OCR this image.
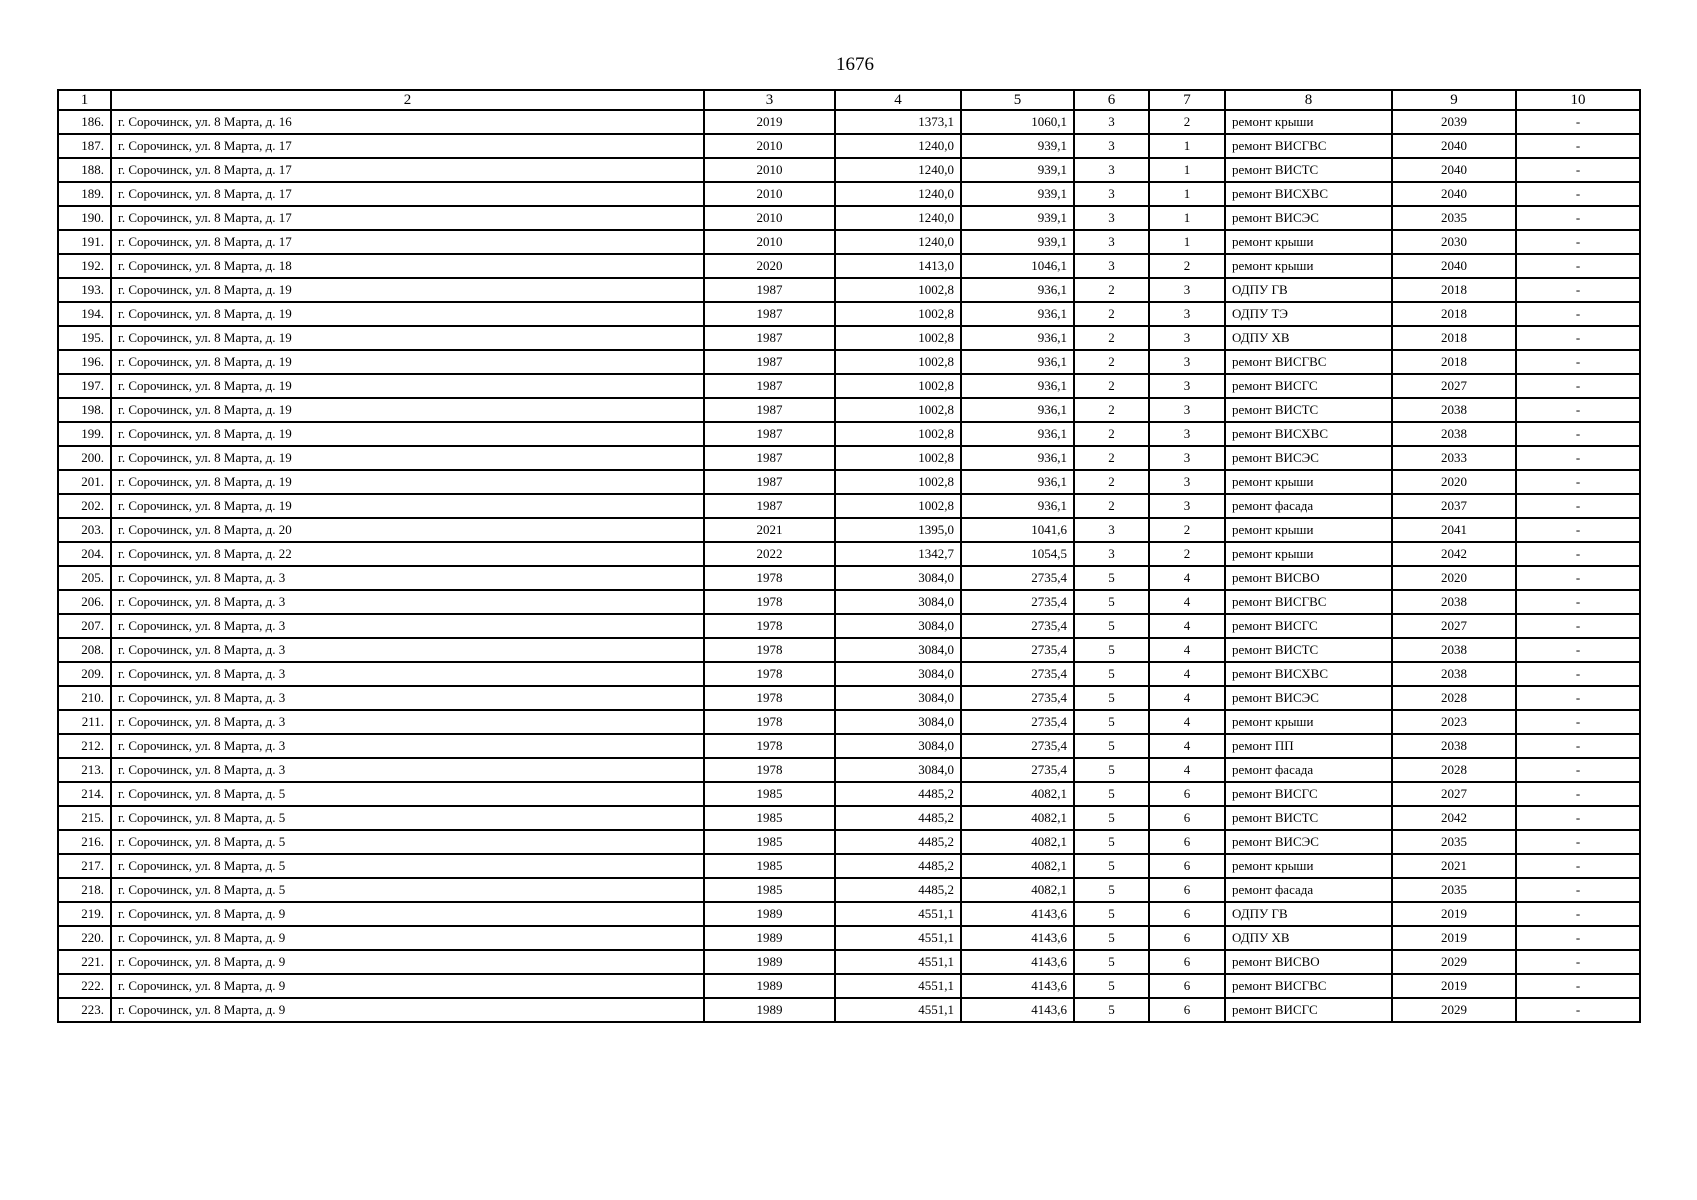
1676
1	2	3	4	5	6	7	8	9	10
186.	г. Сорочинск, ул. 8 Марта, д. 16	2019	1373,1	1060,1	3	2	ремонт крыши	2039	-
187.	г. Сорочинск, ул. 8 Марта, д. 17	2010	1240,0	939,1	3	1	ремонт ВИСГВС	2040	-
188.	г. Сорочинск, ул. 8 Марта, д. 17	2010	1240,0	939,1	3	1	ремонт ВИСТС	2040	-
189.	г. Сорочинск, ул. 8 Марта, д. 17	2010	1240,0	939,1	3	1	ремонт ВИСХВС	2040	-
190.	г. Сорочинск, ул. 8 Марта, д. 17	2010	1240,0	939,1	3	1	ремонт ВИСЭС	2035	-
191.	г. Сорочинск, ул. 8 Марта, д. 17	2010	1240,0	939,1	3	1	ремонт крыши	2030	-
192.	г. Сорочинск, ул. 8 Марта, д. 18	2020	1413,0	1046,1	3	2	ремонт крыши	2040	-
193.	г. Сорочинск, ул. 8 Марта, д. 19	1987	1002,8	936,1	2	3	ОДПУ ГВ	2018	-
194.	г. Сорочинск, ул. 8 Марта, д. 19	1987	1002,8	936,1	2	3	ОДПУ ТЭ	2018	-
195.	г. Сорочинск, ул. 8 Марта, д. 19	1987	1002,8	936,1	2	3	ОДПУ ХВ	2018	-
196.	г. Сорочинск, ул. 8 Марта, д. 19	1987	1002,8	936,1	2	3	ремонт ВИСГВС	2018	-
197.	г. Сорочинск, ул. 8 Марта, д. 19	1987	1002,8	936,1	2	3	ремонт ВИСГС	2027	-
198.	г. Сорочинск, ул. 8 Марта, д. 19	1987	1002,8	936,1	2	3	ремонт ВИСТС	2038	-
199.	г. Сорочинск, ул. 8 Марта, д. 19	1987	1002,8	936,1	2	3	ремонт ВИСХВС	2038	-
200.	г. Сорочинск, ул. 8 Марта, д. 19	1987	1002,8	936,1	2	3	ремонт ВИСЭС	2033	-
201.	г. Сорочинск, ул. 8 Марта, д. 19	1987	1002,8	936,1	2	3	ремонт крыши	2020	-
202.	г. Сорочинск, ул. 8 Марта, д. 19	1987	1002,8	936,1	2	3	ремонт фасада	2037	-
203.	г. Сорочинск, ул. 8 Марта, д. 20	2021	1395,0	1041,6	3	2	ремонт крыши	2041	-
204.	г. Сорочинск, ул. 8 Марта, д. 22	2022	1342,7	1054,5	3	2	ремонт крыши	2042	-
205.	г. Сорочинск, ул. 8 Марта, д. 3	1978	3084,0	2735,4	5	4	ремонт ВИСВО	2020	-
206.	г. Сорочинск, ул. 8 Марта, д. 3	1978	3084,0	2735,4	5	4	ремонт ВИСГВС	2038	-
207.	г. Сорочинск, ул. 8 Марта, д. 3	1978	3084,0	2735,4	5	4	ремонт ВИСГС	2027	-
208.	г. Сорочинск, ул. 8 Марта, д. 3	1978	3084,0	2735,4	5	4	ремонт ВИСТС	2038	-
209.	г. Сорочинск, ул. 8 Марта, д. 3	1978	3084,0	2735,4	5	4	ремонт ВИСХВС	2038	-
210.	г. Сорочинск, ул. 8 Марта, д. 3	1978	3084,0	2735,4	5	4	ремонт ВИСЭС	2028	-
211.	г. Сорочинск, ул. 8 Марта, д. 3	1978	3084,0	2735,4	5	4	ремонт крыши	2023	-
212.	г. Сорочинск, ул. 8 Марта, д. 3	1978	3084,0	2735,4	5	4	ремонт ПП	2038	-
213.	г. Сорочинск, ул. 8 Марта, д. 3	1978	3084,0	2735,4	5	4	ремонт фасада	2028	-
214.	г. Сорочинск, ул. 8 Марта, д. 5	1985	4485,2	4082,1	5	6	ремонт ВИСГС	2027	-
215.	г. Сорочинск, ул. 8 Марта, д. 5	1985	4485,2	4082,1	5	6	ремонт ВИСТС	2042	-
216.	г. Сорочинск, ул. 8 Марта, д. 5	1985	4485,2	4082,1	5	6	ремонт ВИСЭС	2035	-
217.	г. Сорочинск, ул. 8 Марта, д. 5	1985	4485,2	4082,1	5	6	ремонт крыши	2021	-
218.	г. Сорочинск, ул. 8 Марта, д. 5	1985	4485,2	4082,1	5	6	ремонт фасада	2035	-
219.	г. Сорочинск, ул. 8 Марта, д. 9	1989	4551,1	4143,6	5	6	ОДПУ ГВ	2019	-
220.	г. Сорочинск, ул. 8 Марта, д. 9	1989	4551,1	4143,6	5	6	ОДПУ ХВ	2019	-
221.	г. Сорочинск, ул. 8 Марта, д. 9	1989	4551,1	4143,6	5	6	ремонт ВИСВО	2029	-
222.	г. Сорочинск, ул. 8 Марта, д. 9	1989	4551,1	4143,6	5	6	ремонт ВИСГВС	2019	-
223.	г. Сорочинск, ул. 8 Марта, д. 9	1989	4551,1	4143,6	5	6	ремонт ВИСГС	2029	-
